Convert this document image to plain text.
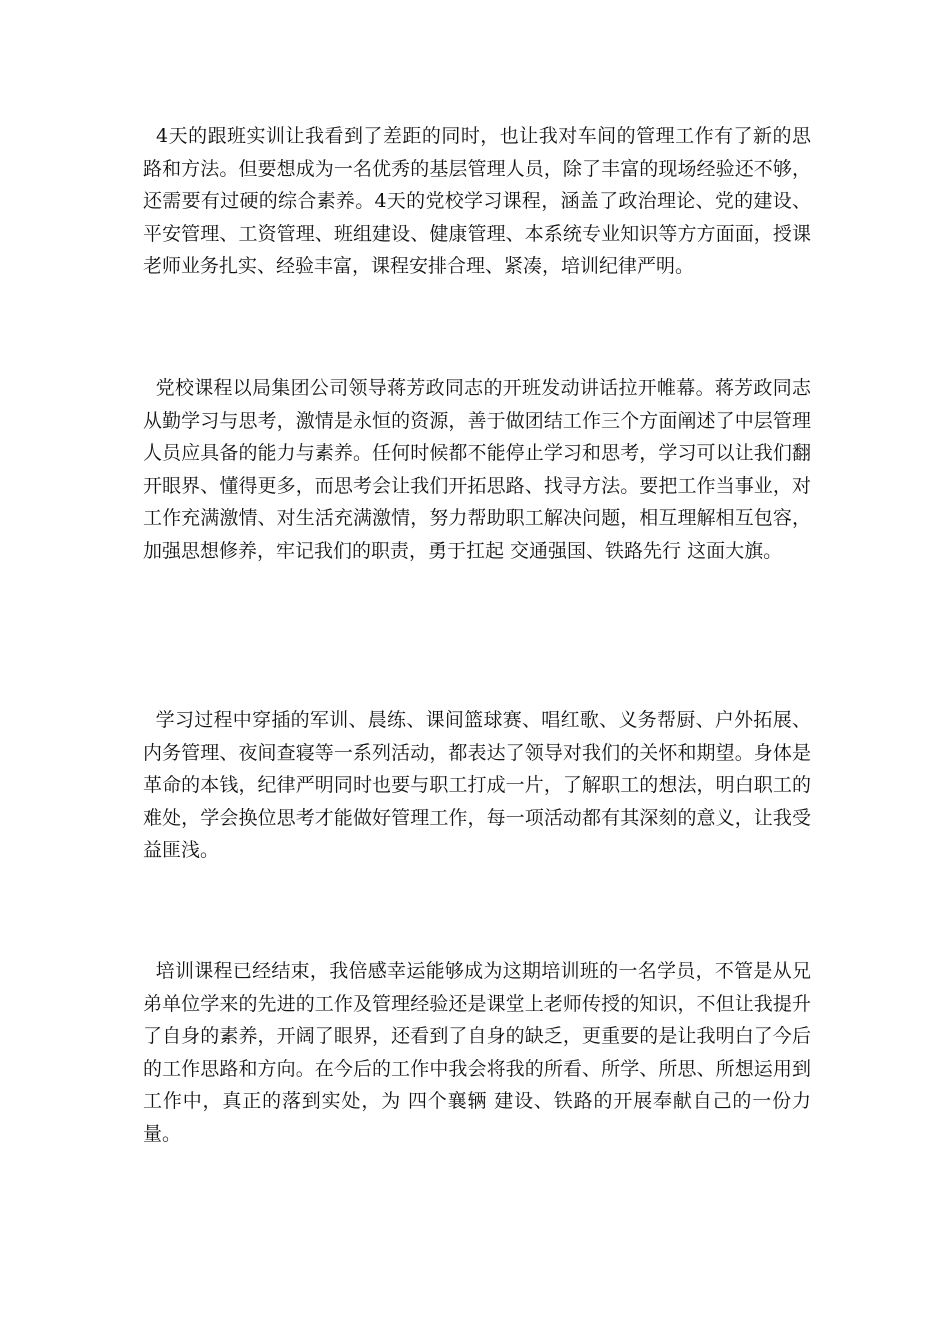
4天的跟班实训让我看到了差距的同时，也让我对车间的管理工作有了新的思路和方法。但要想成为一名优秀的基层管理人员，除了丰富的现场经验还不够，还需要有过硬的综合素养。4天的党校学习课程，涵盖了政治理论、党的建设、平安管理、工资管理、班组建设、健康管理、本系统专业知识等方方面面，授课老师业务扎实、经验丰富，课程安排合理、紧凑，培训纪律严明。

党校课程以局集团公司领导蒋芳政同志的开班发动讲话拉开帷幕。蒋芳政同志从勤学习与思考，激情是永恒的资源，善于做团结工作三个方面阐述了中层管理人员应具备的能力与素养。任何时候都不能停止学习和思考，学习可以让我们翻开眼界、懂得更多，而思考会让我们开拓思路、找寻方法。要把工作当事业，对工作充满激情、对生活充满激情，努力帮助职工解决问题，相互理解相互包容，加强思想修养，牢记我们的职责，勇于扛起 交通强国、铁路先行 这面大旗。

学习过程中穿插的军训、晨练、课间篮球赛、唱红歌、义务帮厨、户外拓展、内务管理、夜间查寝等一系列活动，都表达了领导对我们的关怀和期望。身体是革命的本钱，纪律严明同时也要与职工打成一片，了解职工的想法，明白职工的难处，学会换位思考才能做好管理工作，每一项活动都有其深刻的意义，让我受益匪浅。

培训课程已经结束，我倍感幸运能够成为这期培训班的一名学员，不管是从兄弟单位学来的先进的工作及管理经验还是课堂上老师传授的知识，不但让我提升了自身的素养，开阔了眼界，还看到了自身的缺乏，更重要的是让我明白了今后的工作思路和方向。在今后的工作中我会将我的所看、所学、所思、所想运用到工作中，真正的落到实处，为 四个襄辆 建设、铁路的开展奉献自己的一份力量。
